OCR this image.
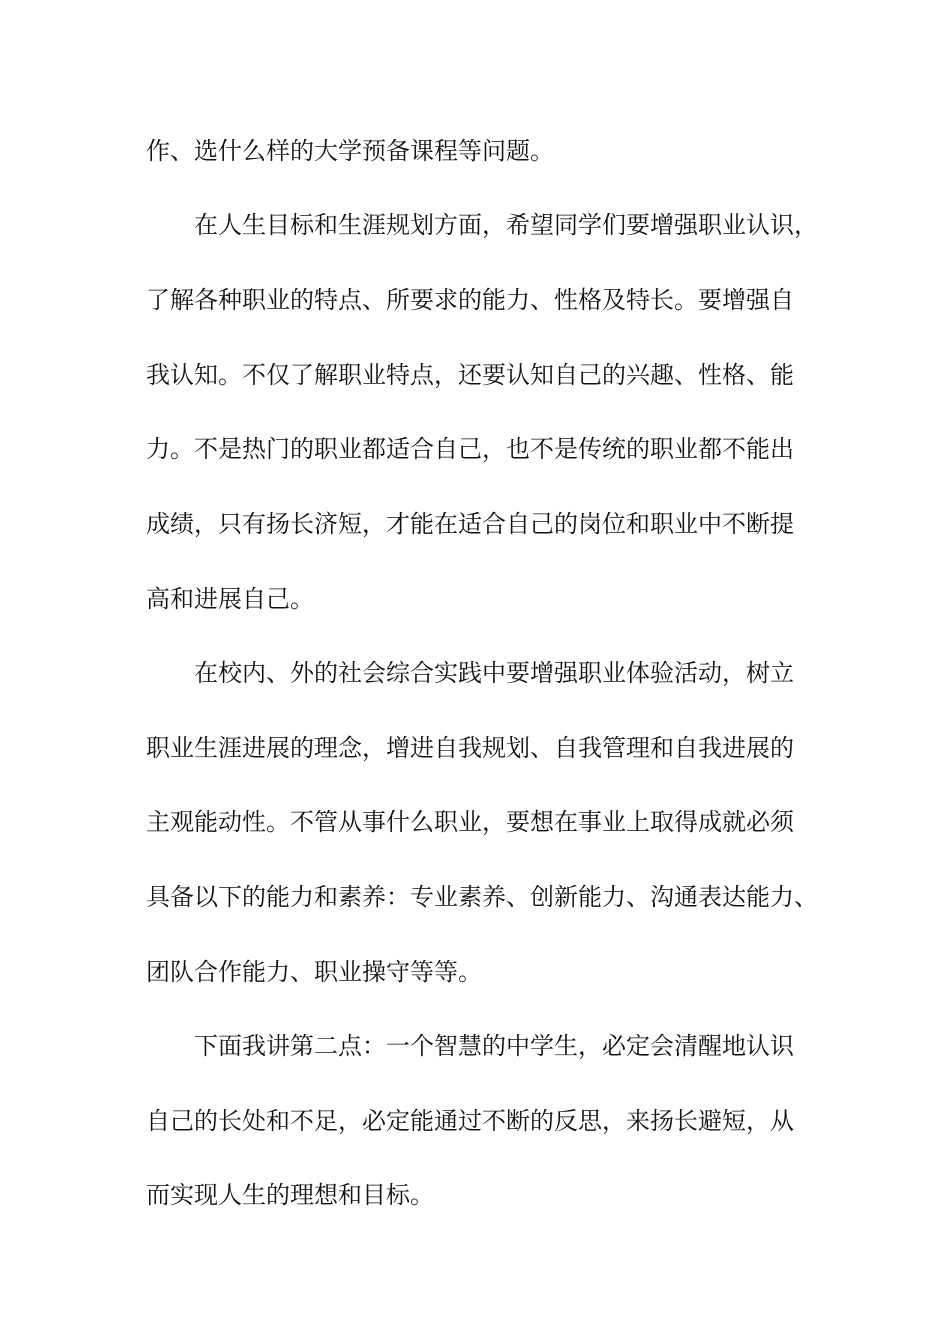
作、选什么样的大学预备课程等问题。
在人生目标和生涯规划方面，希望同学们要增强职业认识，
了解各种职业的特点、所要求的能力、性格及特长。要增强自
我认知。不仅了解职业特点，还要认知自己的兴趣、性格、能
力。不是热门的职业都适合自己，也不是传统的职业都不能出
成绩，只有扬长济短，才能在适合自己的岗位和职业中不断提
高和进展自己。
在校内、外的社会综合实践中要增强职业体验活动，树立
职业生涯进展的理念，增进自我规划、自我管理和自我进展的
主观能动性。不管从事什么职业，要想在事业上取得成就必须
具备以下的能力和素养：专业素养、创新能力、沟通表达能力、
团队合作能力、职业操守等等。
下面我讲第二点：一个智慧的中学生，必定会清醒地认识
自己的长处和不足，必定能通过不断的反思，来扬长避短，从
而实现人生的理想和目标。
